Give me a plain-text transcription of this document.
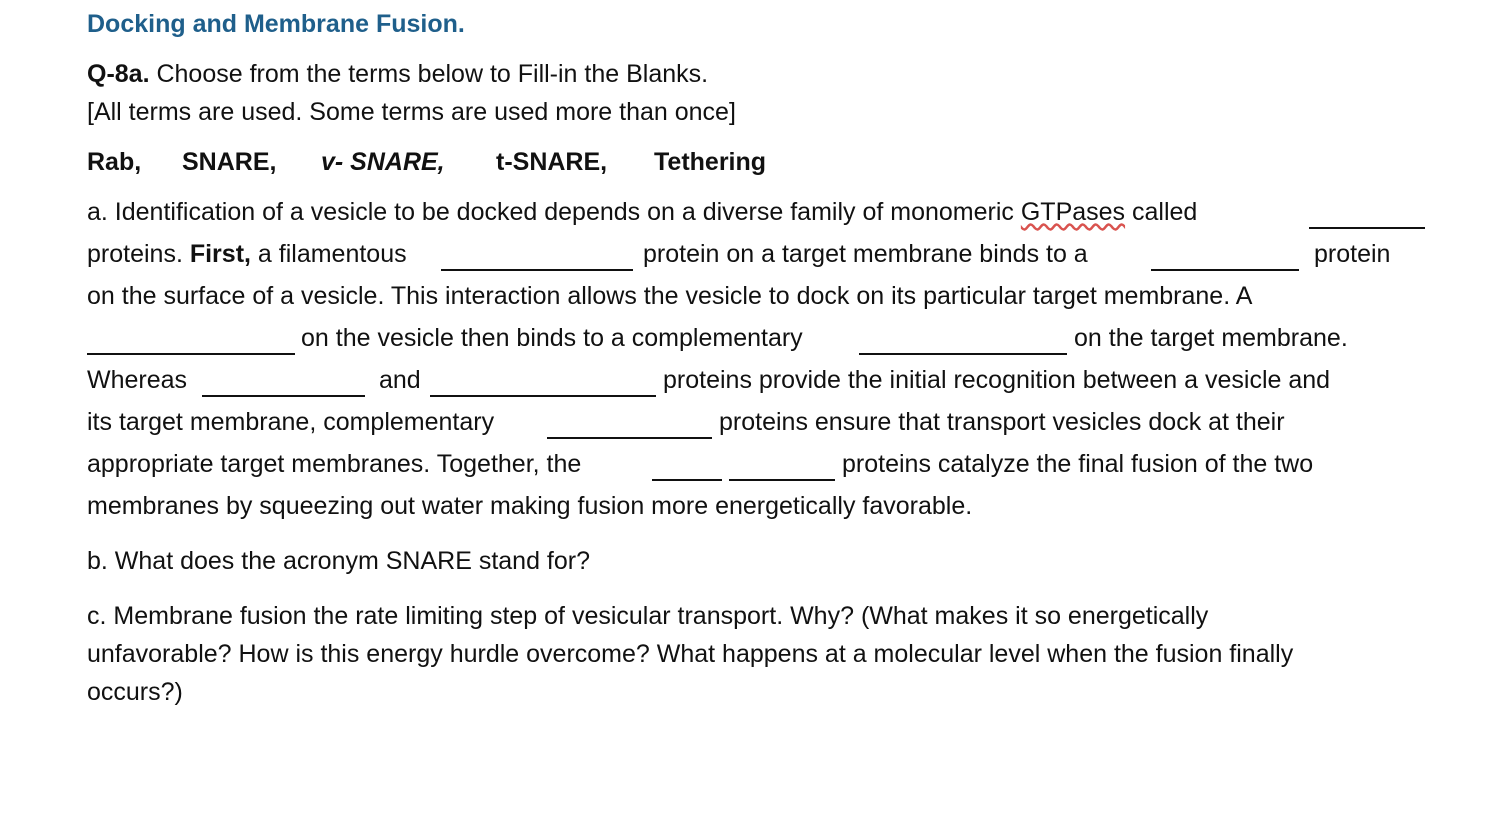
Docking and Membrane Fusion.
Q-8a. Choose from the terms below to Fill-in the Blanks.
[All terms are used. Some terms are used more than once]
Rab, SNARE, v- SNARE, t-SNARE, Tethering
a. Identification of a vesicle to be docked depends on a diverse family of monomeric GTPases called
proteins. First, a filamentous	protein on a target membrane binds to a	protein
on the surface of a vesicle. This interaction allows the vesicle to dock on its particular target membrane. A
on the vesicle then binds to a complementary	on the target membrane.
Whereas	and	proteins provide the initial recognition between a vesicle and
its target membrane, complementary	proteins ensure that transport vesicles dock at their
appropriate target membranes. Together, the	proteins catalyze the final fusion of the two
membranes by squeezing out water making fusion more energetically favorable.
b. What does the acronym SNARE stand for?
c. Membrane fusion the rate limiting step of vesicular transport. Why? (What makes it so energetically
unfavorable? How is this energy hurdle overcome? What happens at a molecular level when the fusion finally
occurs?)
